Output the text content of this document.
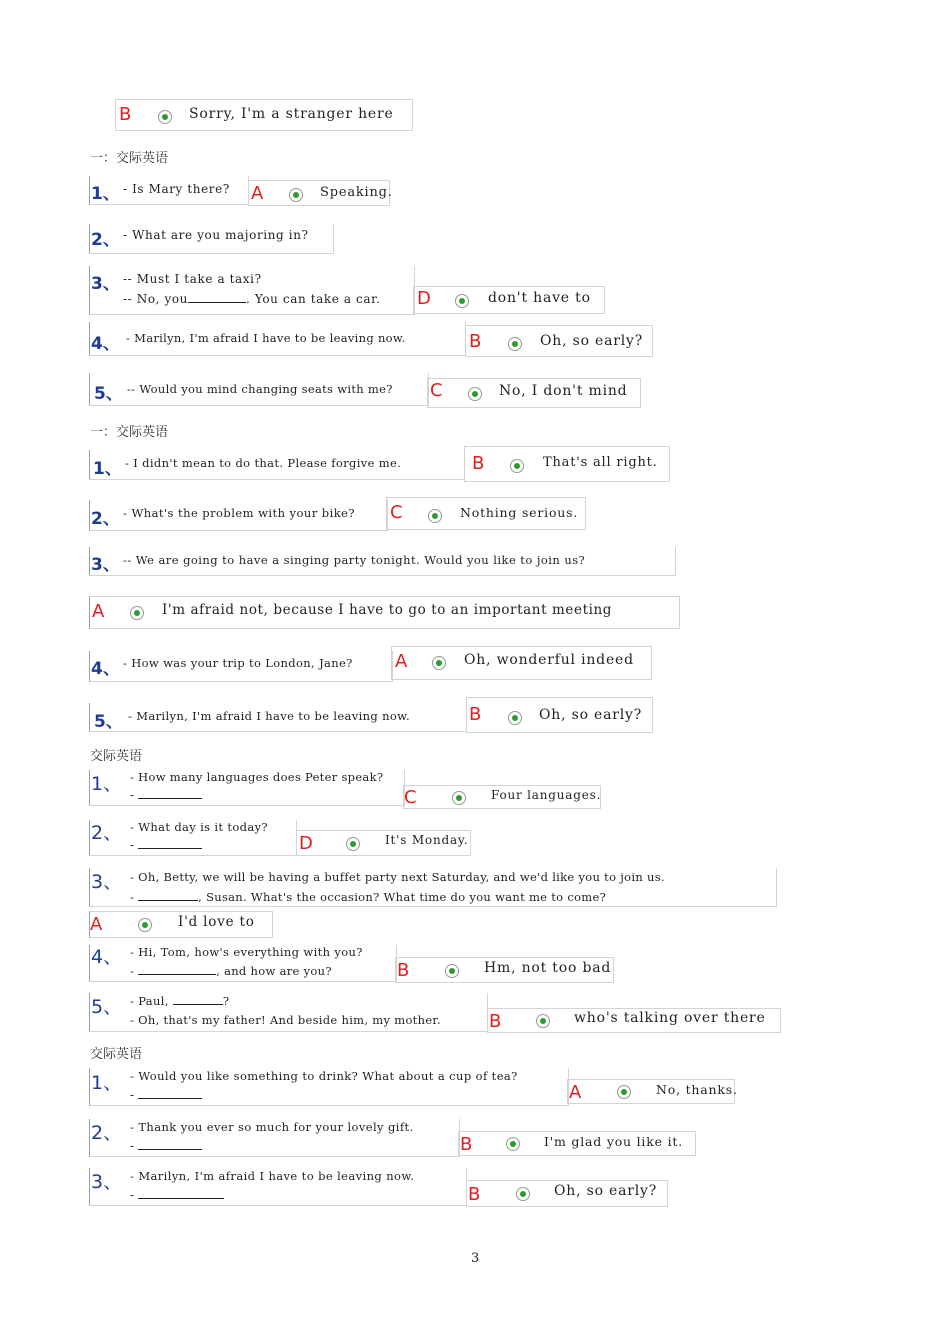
B	Sorry, I'm a stranger here
一：交际英语
1、 - Is Mary there? A	Speaking.
2、 - What are you majoring in?
3、 -- Must I take a taxi?
-- No, you	. You can take a car. D	don't have to
4、 - Marilyn, I'm afraid I have to be leaving now.	B	Oh, so early?
5、 -- Would you mind changing seats with me? C	No, I don't mind
一：交际英语
1、 - I didn't mean to do that. Please forgive me.	B	That's all right.
2、 - What's the problem with your bike? C	Nothing serious.
3、 -- We are going to have a singing party tonight. Would you like to join us?
A	I'm afraid not, because I have to go to an important meeting
4、 - How was your trip to London, Jane? A	Oh, wonderful indeed
5、 - Marilyn, I'm afraid I have to be leaving now.	B	Oh, so early?
交际英语
1、 - How many languages does Peter speak?
-	C	Four languages.
2、 - What day is it today?
-	D	It's Monday.
3、 - Oh, Betty, we will be having a buffet party next Saturday, and we'd like you to join us.
-	, Susan. What's the occasion? What time do you want me to come?
A	I'd love to
4、 - Hi, Tom, how's everything with you?
-	, and how are you?	B	Hm, not too bad
5、 - Paul,	?
- Oh, that's my father! And beside him, my mother.	B	who's talking over there
交际英语
1、 - Would you like something to drink? What about a cup of tea?
-	A	No, thanks.
2、 - Thank you ever so much for your lovely gift.
-	B	I'm glad you like it.
3、 - Marilyn, I'm afraid I have to be leaving now.
-	B	Oh, so early?
3
